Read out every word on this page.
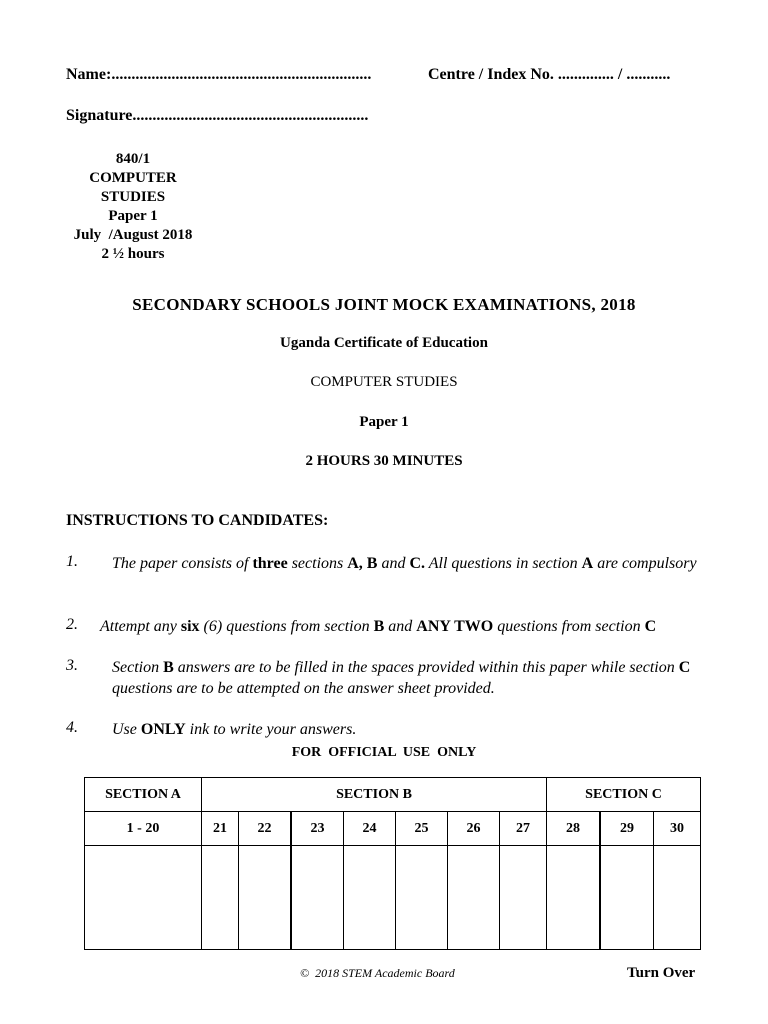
Name:.................................................................	Centre / Index No. .............. / ...........
Signature...........................................................
840/1
COMPUTER
STUDIES
Paper 1
July  /August 2018
2 ½ hours
SECONDARY SCHOOLS JOINT MOCK EXAMINATIONS, 2018
Uganda Certificate of Education
COMPUTER STUDIES
Paper 1
2 HOURS 30 MINUTES
INSTRUCTIONS TO CANDIDATES:
1. The paper consists of three sections A, B and C. All questions in section A are compulsory
2. Attempt any six (6) questions from section B and ANY TWO questions from section C
3. Section B answers are to be filled in the spaces provided within this paper while section C questions are to be attempted on the answer sheet provided.
4. Use ONLY ink to write your answers.
FOR  OFFICIAL  USE  ONLY
SECTION A	SECTION B							SECTION C		
1 - 20	21	22	23	24	25	26	27	28	29	30

©  2018 STEM Academic Board	Turn Over
